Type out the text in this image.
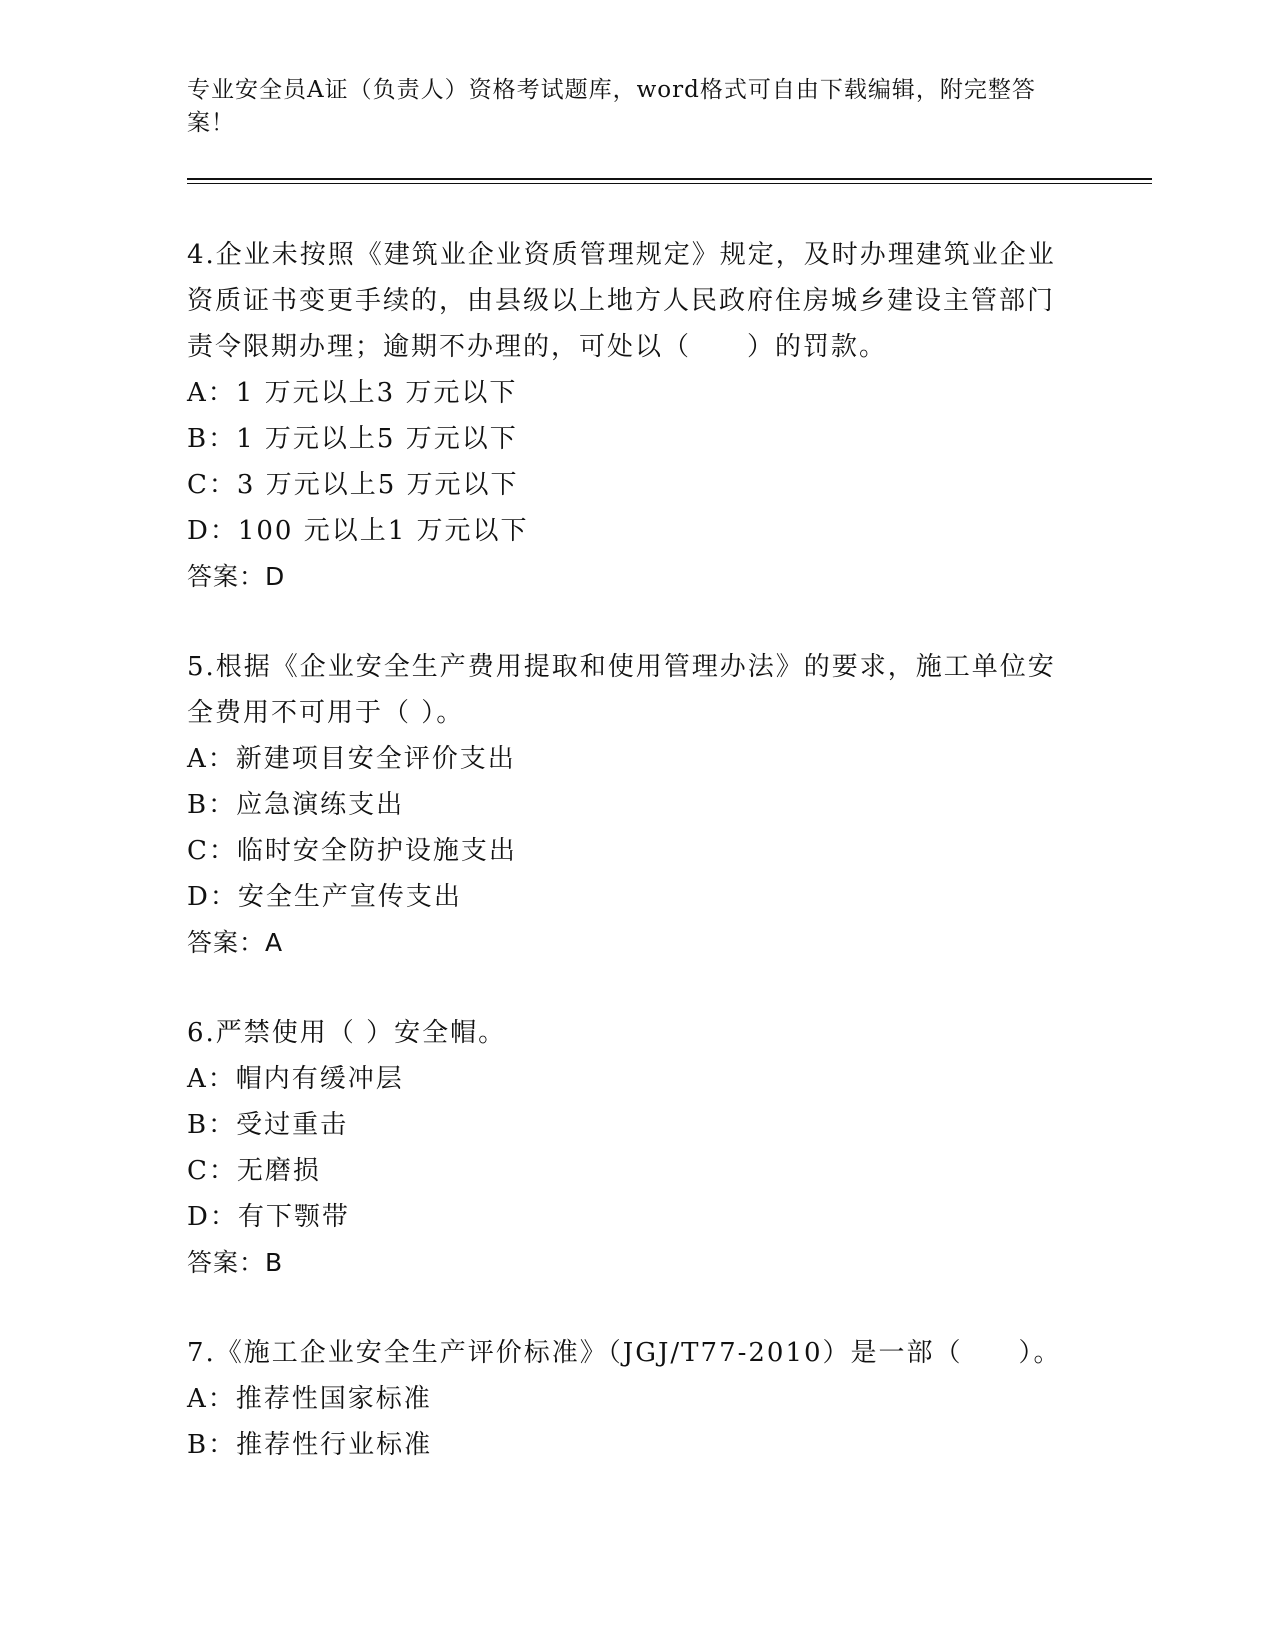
专业安全员A证（负责人）资格考试题库，word格式可自由下载编辑，附完整答案！
4.企业未按照《建筑业企业资质管理规定》规定，及时办理建筑业企业资质证书变更手续的，由县级以上地方人民政府住房城乡建设主管部门责令限期办理；逾期不办理的，可处以（　　）的罚款。
A：1 万元以上3 万元以下
B：1 万元以上5 万元以下
C：3 万元以上5 万元以下
D：100 元以上1 万元以下
答案：D
5.根据《企业安全生产费用提取和使用管理办法》的要求，施工单位安全费用不可用于（ ）。
A：新建项目安全评价支出
B：应急演练支出
C：临时安全防护设施支出
D：安全生产宣传支出
答案：A
6.严禁使用（ ）安全帽。
A：帽内有缓冲层
B：受过重击
C：无磨损
D：有下颚带
答案：B
7.《施工企业安全生产评价标准》（JGJ/T77-2010）是一部（　　）。
A：推荐性国家标准
B：推荐性行业标准
